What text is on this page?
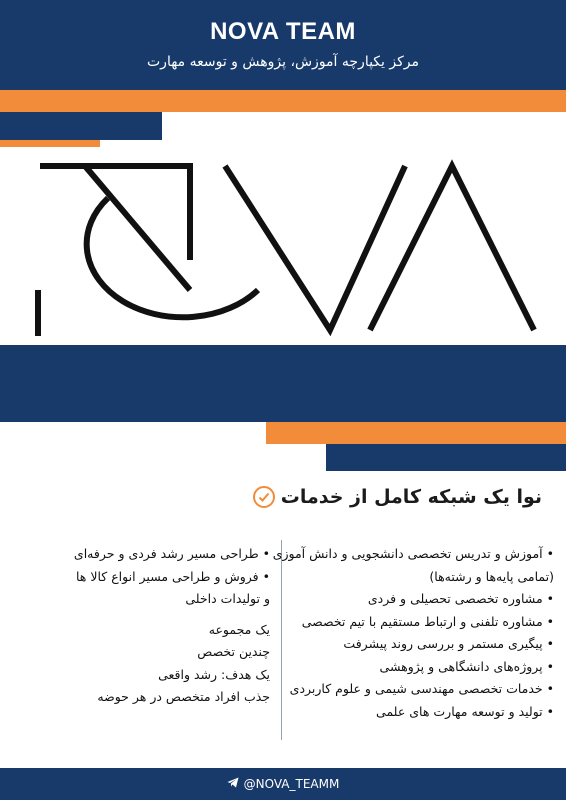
NOVA TEAM
مرکز یکپارچه آموزش، پژوهش و توسعه مهارت
نوا یک شبکه کامل از خدمات
• آموزش و تدریس تخصصی دانشجویی و دانش آموزی
(تمامی پایه‌ها و رشته‌ها)
• مشاوره تخصصی تحصیلی و فردی
• مشاوره تلفنی و ارتباط مستقیم با تیم تخصصی
• پیگیری مستمر و بررسی روند پیشرفت
• پروژه‌های دانشگاهی و پژوهشی
• خدمات تخصصی مهندسی شیمی و علوم کاربردی
• تولید و توسعه مهارت های علمی
• طراحی مسیر رشد فردی و حرفه‌ای
• فروش و طراحی مسیر انواع کالا ها
و تولیدات داخلی
یک مجموعه
چندین تخصص
یک هدف: رشد واقعی
جذب افراد متخصص در هر حوضه
@NOVA_TEAMM
